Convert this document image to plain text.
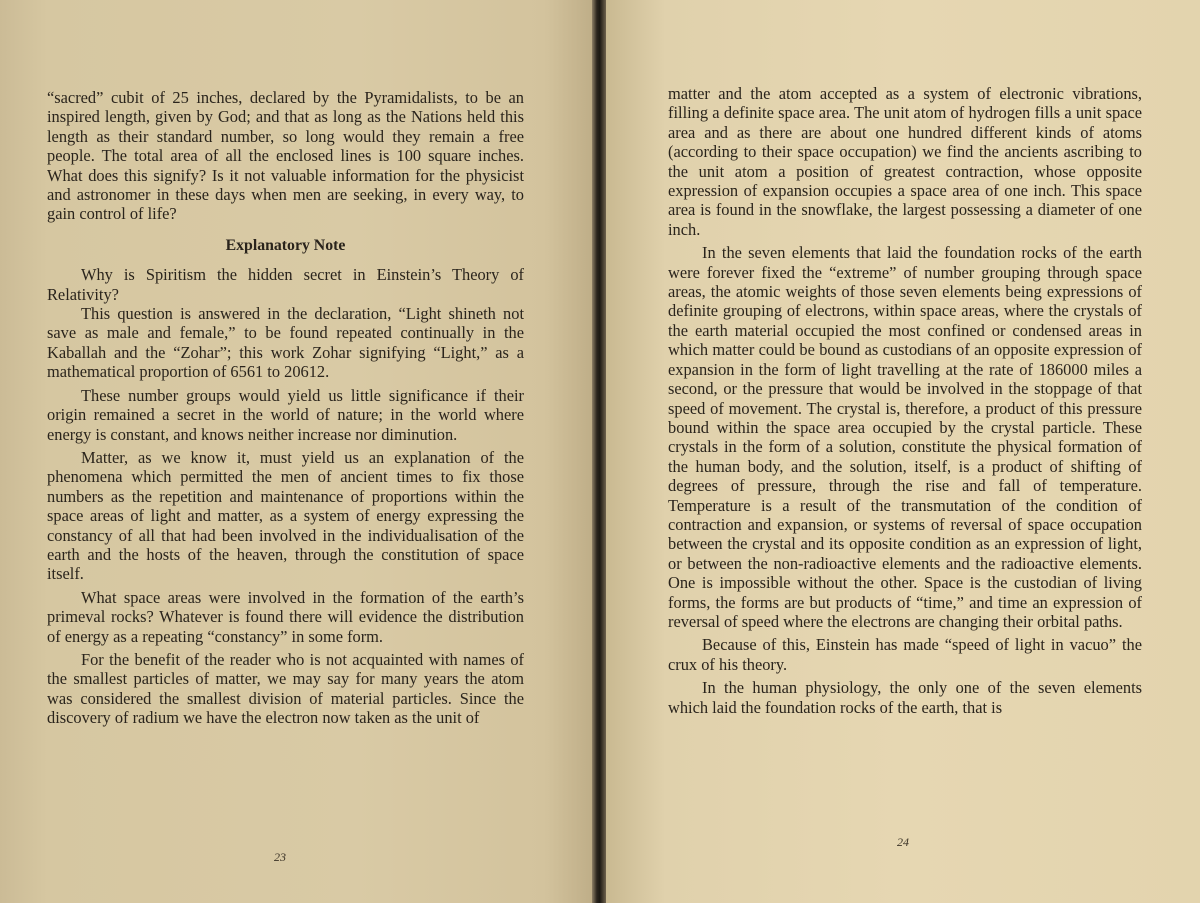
“sacred” cubit of 25 inches, declared by the Pyramidalists, to be an inspired length, given by God; and that as long as the Nations held this length as their standard number, so long would they remain a free people. The total area of all the enclosed lines is 100 square inches. What does this signify? Is it not valuable information for the physicist and astronomer in these days when men are seeking, in every way, to gain control of life?

Explanatory Note

Why is Spiritism the hidden secret in Einstein’s Theory of Relativity?

This question is answered in the declaration, “Light shineth not save as male and female,” to be found repeated continually in the Kaballah and the “Zohar”; this work Zohar signifying “Light,” as a mathematical proportion of 6561 to 20612.

These number groups would yield us little significance if their origin remained a secret in the world of nature; in the world where energy is constant, and knows neither increase nor diminution.

Matter, as we know it, must yield us an explanation of the phenomena which permitted the men of ancient times to fix those numbers as the repetition and maintenance of proportions within the space areas of light and matter, as a system of energy expressing the constancy of all that had been involved in the individualisation of the earth and the hosts of the heaven, through the constitution of space itself.

What space areas were involved in the formation of the earth’s primeval rocks? Whatever is found there will evidence the distribution of energy as a repeating “constancy” in some form.

For the benefit of the reader who is not acquainted with names of the smallest particles of matter, we may say for many years the atom was considered the smallest division of material particles. Since the discovery of radium we have the electron now taken as the unit of

23

matter and the atom accepted as a system of electronic vibrations, filling a definite space area. The unit atom of hydrogen fills a unit space area and as there are about one hundred different kinds of atoms (according to their space occupation) we find the ancients ascribing to the unit atom a position of greatest contraction, whose opposite expression of expansion occupies a space area of one inch. This space area is found in the snowflake, the largest possessing a diameter of one inch.

In the seven elements that laid the foundation rocks of the earth were forever fixed the “extreme” of number grouping through space areas, the atomic weights of those seven elements being expressions of definite grouping of electrons, within space areas, where the crystals of the earth material occupied the most confined or condensed areas in which matter could be bound as custodians of an opposite expression of expansion in the form of light travelling at the rate of 186000 miles a second, or the pressure that would be involved in the stoppage of that speed of movement. The crystal is, therefore, a product of this pressure bound within the space area occupied by the crystal particle. These crystals in the form of a solution, constitute the physical formation of the human body, and the solution, itself, is a product of shifting of degrees of pressure, through the rise and fall of temperature. Temperature is a result of the transmutation of the condition of contraction and expansion, or systems of reversal of space occupation between the crystal and its opposite condition as an expression of light, or between the non-radioactive elements and the radioactive elements. One is impossible without the other. Space is the custodian of living forms, the forms are but products of “time,” and time an expression of reversal of speed where the electrons are changing their orbital paths.

Because of this, Einstein has made “speed of light in vacuo” the crux of his theory.

In the human physiology, the only one of the seven elements which laid the foundation rocks of the earth, that is

24
